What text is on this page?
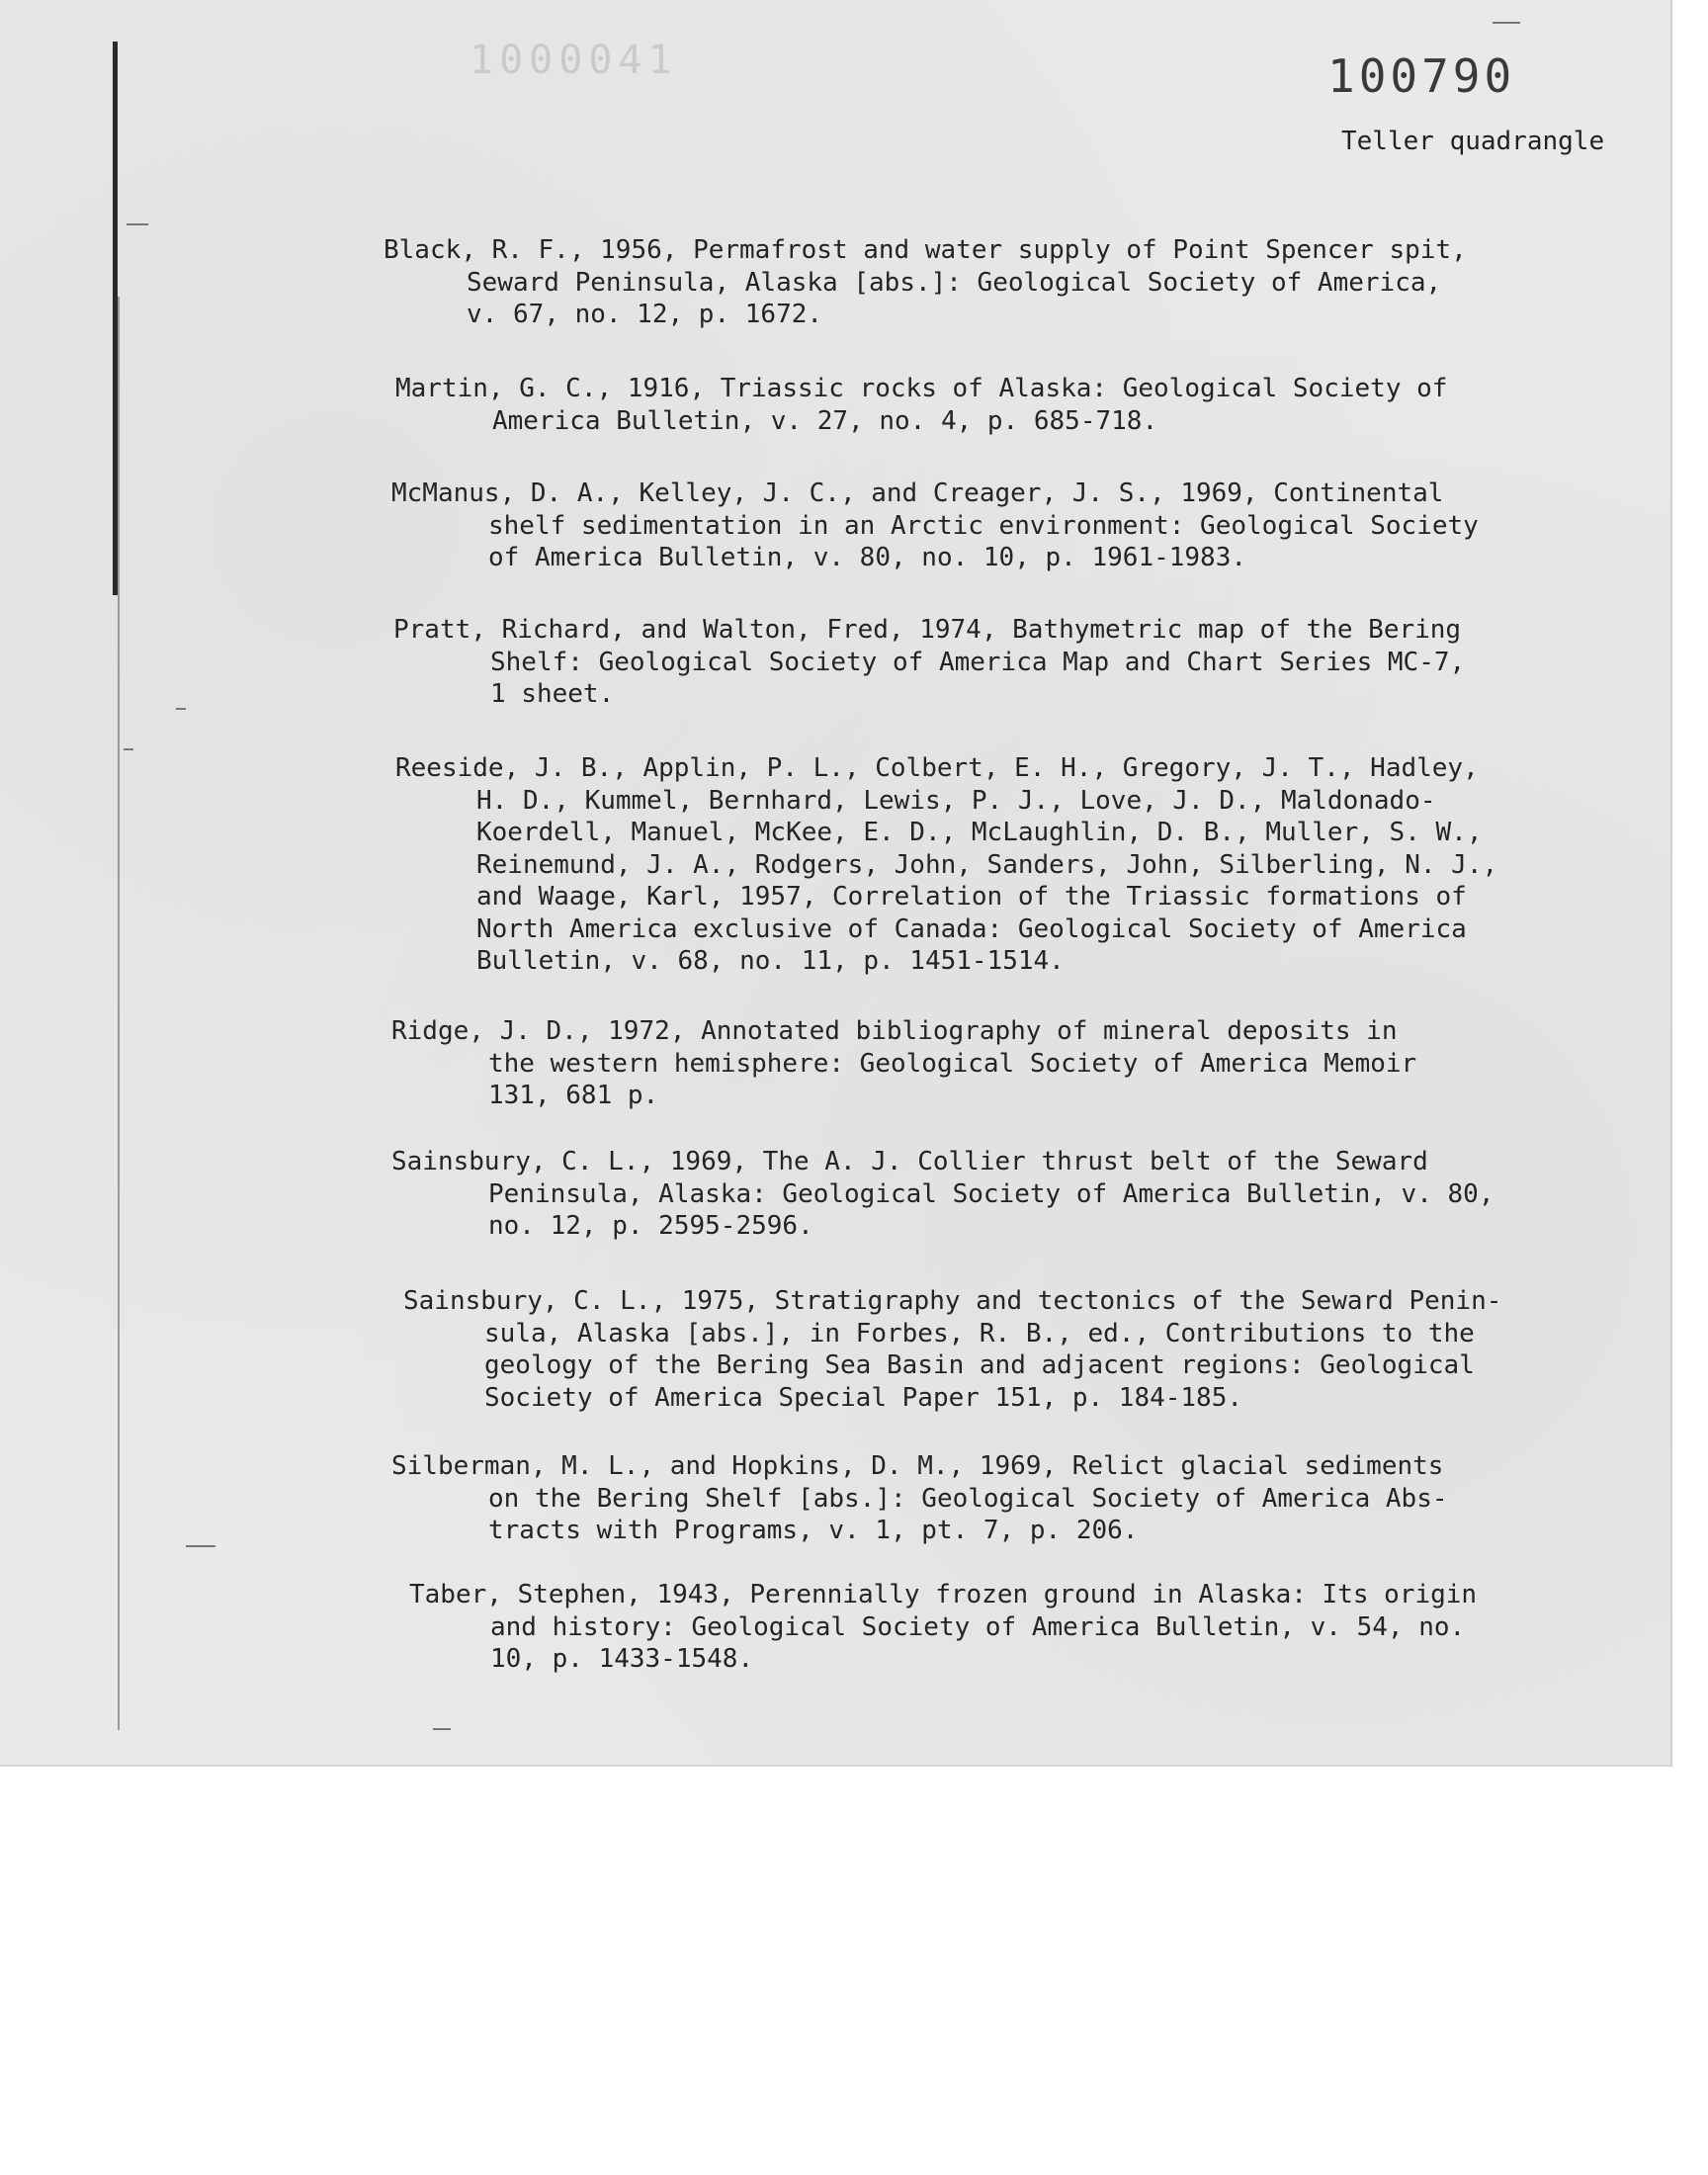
1000041	100790
Teller quadrangle
Black, R. F., 1956, Permafrost and water supply of Point Spencer spit,
Seward Peninsula, Alaska [abs.]: Geological Society of America,
v. 67, no. 12, p. 1672.
Martin, G. C., 1916, Triassic rocks of Alaska: Geological Society of
America Bulletin, v. 27, no. 4, p. 685-718.
McManus, D. A., Kelley, J. C., and Creager, J. S., 1969, Continental
shelf sedimentation in an Arctic environment: Geological Society
of America Bulletin, v. 80, no. 10, p. 1961-1983.
Pratt, Richard, and Walton, Fred, 1974, Bathymetric map of the Bering
Shelf: Geological Society of America Map and Chart Series MC-7,
1 sheet.
Reeside, J. B., Applin, P. L., Colbert, E. H., Gregory, J. T., Hadley,
H. D., Kummel, Bernhard, Lewis, P. J., Love, J. D., Maldonado-
Koerdell, Manuel, McKee, E. D., McLaughlin, D. B., Muller, S. W.,
Reinemund, J. A., Rodgers, John, Sanders, John, Silberling, N. J.,
and Waage, Karl, 1957, Correlation of the Triassic formations of
North America exclusive of Canada: Geological Society of America
Bulletin, v. 68, no. 11, p. 1451-1514.
Ridge, J. D., 1972, Annotated bibliography of mineral deposits in
the western hemisphere: Geological Society of America Memoir
131, 681 p.
Sainsbury, C. L., 1969, The A. J. Collier thrust belt of the Seward
Peninsula, Alaska: Geological Society of America Bulletin, v. 80,
no. 12, p. 2595-2596.
Sainsbury, C. L., 1975, Stratigraphy and tectonics of the Seward Penin-
sula, Alaska [abs.], in Forbes, R. B., ed., Contributions to the
geology of the Bering Sea Basin and adjacent regions: Geological
Society of America Special Paper 151, p. 184-185.
Silberman, M. L., and Hopkins, D. M., 1969, Relict glacial sediments
on the Bering Shelf [abs.]: Geological Society of America Abs-
tracts with Programs, v. 1, pt. 7, p. 206.
Taber, Stephen, 1943, Perennially frozen ground in Alaska: Its origin
and history: Geological Society of America Bulletin, v. 54, no.
10, p. 1433-1548.
